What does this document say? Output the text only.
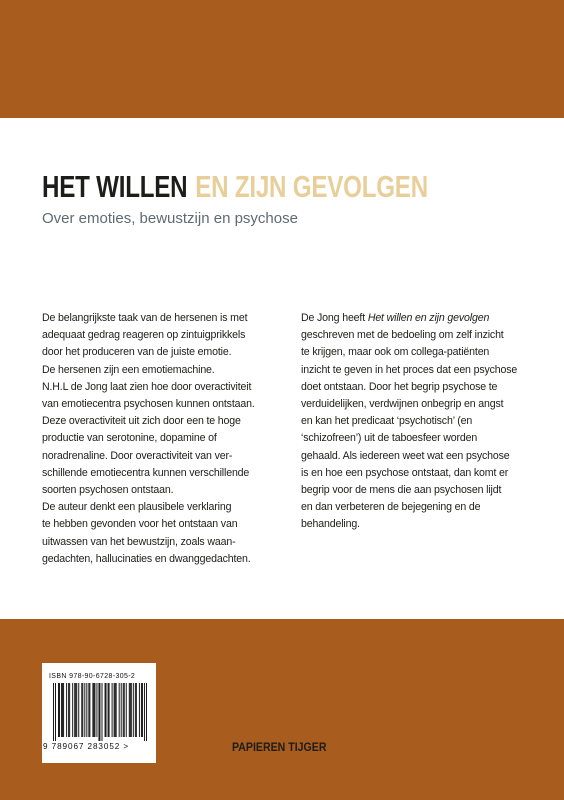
HET WILLEN EN ZIJN GEVOLGEN
Over emoties, bewustzijn en psychose
De belangrijkste taak van de hersenen is met
adequaat gedrag reageren op zintuigprikkels
door het produceren van de juiste emotie.
De hersenen zijn een emotiemachine.
N.H.L de Jong laat zien hoe door overactiviteit
van emotiecentra psychosen kunnen ontstaan.
Deze overactiviteit uit zich door een te hoge
productie van serotonine, dopamine of
noradrenaline. Door overactiviteit van ver-
schillende emotiecentra kunnen verschillende
soorten psychosen ontstaan.
De auteur denkt een plausibele verklaring
te hebben gevonden voor het ontstaan van
uitwassen van het bewustzijn, zoals waan-
gedachten, hallucinaties en dwanggedachten.
De Jong heeft Het willen en zijn gevolgen
geschreven met de bedoeling om zelf inzicht
te krijgen, maar ook om collega-patiënten
inzicht te geven in het proces dat een psychose
doet ontstaan. Door het begrip psychose te
verduidelijken, verdwijnen onbegrip en angst
en kan het predicaat ‘psychotisch’ (en
‘schizofreen’) uit de taboesfeer worden
gehaald. Als iedereen weet wat een psychose
is en hoe een psychose ontstaat, dan komt er
begrip voor de mens die aan psychosen lijdt
en dan verbeteren de bejegening en de
behandeling.
ISBN 978-90-6728-305-2
9 789067 283052 >	PAPIEREN TIJGER
